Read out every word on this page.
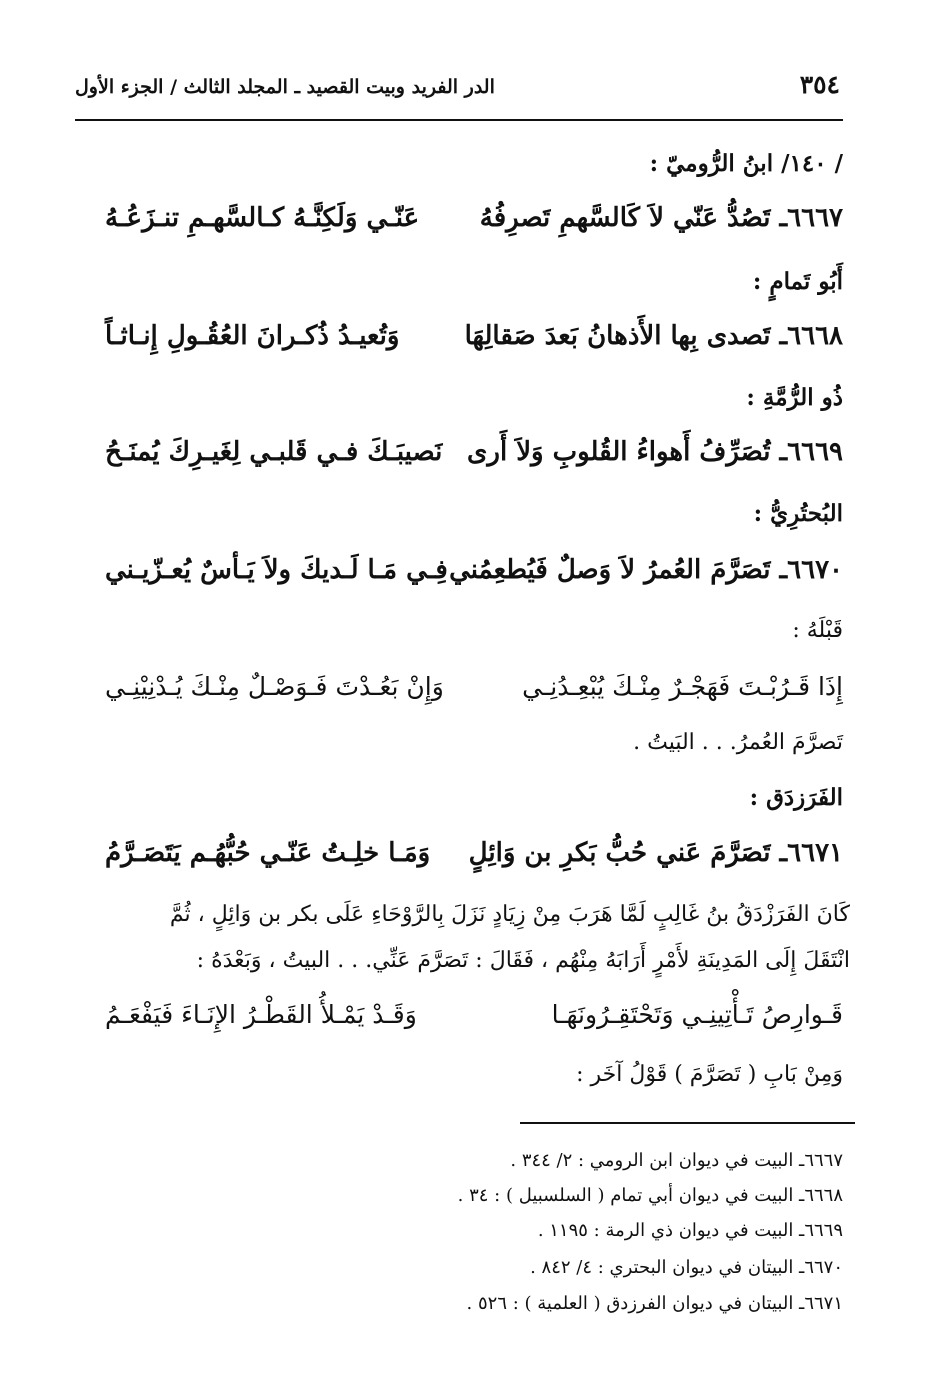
٣٥٤
الدر الفريد وبيت القصيد ـ المجلد الثالث / الجزء الأول
/ ١٤٠/ ابنُ الرُّوميّ :
٦٦٦٧ـ تَصُدُّ عَنّي لاَ كَالسَّهمِ تَصرِفُهُ
عَنّـي وَلَكِنَّـهُ كـالسَّهـمِ تنـزَعُـهُ
أَبُو تَمامٍ :
٦٦٦٨ـ تَصدى بِها الأَذهانُ بَعدَ صَقالِهَا
وَتُعيـدُ ذُكـرانَ العُقُـولِ إِنـاثـاً
ذُو الرُّمَّةِ :
٦٦٦٩ـ تُصَرِّفُ أَهواءُ القُلوبِ وَلاَ أَرى
نَصيبَـكَ فـي قَلبـي لِغَيـرِكَ يُمنَـحُ
البُحتُرِيُّ :
٦٦٧٠ـ تَصَرَّمَ العُمرُ لاَ وَصلٌ فَيُطعِمُني
فِـي مَـا لَـديكَ ولاَ يَـأسٌ يُعـزّيـني
قَبْلَهُ :
إِذَا قَـرُبْـتَ فَهَجْـرٌ مِنْـكَ يُبْعِـدُنِـي
وَإِنْ بَعُـدْتَ فَـوَصْـلٌ مِنْـكَ يُـدْنِيْنِـي
تَصرَّمَ العُمرُ. . . البَيتُ .
الفَرَزدَق :
٦٦٧١ـ تَصَرَّمَ عَني حُبُّ بَكرِ بن وَائِلٍ
وَمَـا خلِـتُ عَنّـي حُبُّهُـم يَتَصَـرَّمُ
كَانَ الفَرَزْدَقُ بنُ غَالِبٍ لَمَّا هَرَبَ مِنْ زِيَادٍ نَزَلَ بِالرَّوْحَاءِ عَلَى بكر بن وَائِلٍ ، ثُمَّ
انْتَقَلَ إِلَى المَدِينَةِ لأَمْرٍ أَرَابَهُ مِنْهُم ، فَقَالَ : تَصَرَّمَ عَنِّي. . . البيتُ ، وَبَعْدَهُ :
قَـوارِصُ تَـأْتِينِـي وَتَحْتَقِـرُونَهَـا
وَقَـدْ يَمْـلأُ القَطْـرُ الإِنَـاءَ فَيَفْعَـمُ
وَمِنْ بَابِ ( تَصَرَّمَ ) قَوْلُ آخَر :
٦٦٦٧ـ البيت في ديوان ابن الرومي : ٢/ ٣٤٤ .
٦٦٦٨ـ البيت في ديوان أبي تمام ( السلسبيل ) : ٣٤ .
٦٦٦٩ـ البيت في ديوان ذي الرمة : ١١٩٥ .
٦٦٧٠ـ البيتان في ديوان البحتري : ٤/ ٨٤٢ .
٦٦٧١ـ البيتان في ديوان الفرزدق ( العلمية ) : ٥٢٦ .
